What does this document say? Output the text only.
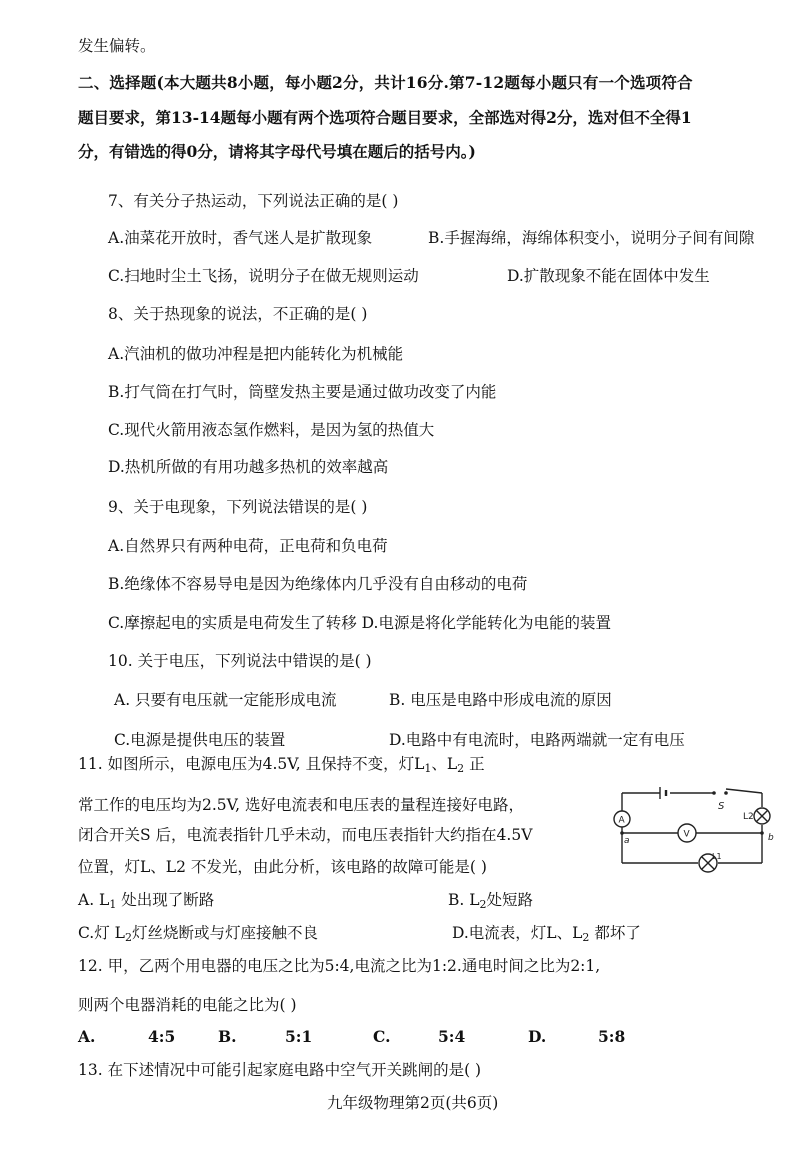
发生偏转。
二、选择题(本大题共8小题，每小题2分，共计16分.第7-12题每小题只有一个选项符合
题目要求，第13-14题每小题有两个选项符合题目要求，全部选对得2分，选对但不全得1
分，有错选的得0分，请将其字母代号填在题后的括号内。)
7、有关分子热运动，下列说法正确的是( )
A.油菜花开放时，香气迷人是扩散现象	B.手握海绵，海绵体积变小，说明分子间有间隙
C.扫地时尘土飞扬，说明分子在做无规则运动	D.扩散现象不能在固体中发生
8、关于热现象的说法，不正确的是( )
A.汽油机的做功冲程是把内能转化为机械能
B.打气筒在打气时，筒壁发热主要是通过做功改变了内能
C.现代火箭用液态氢作燃料，是因为氢的热值大
D.热机所做的有用功越多热机的效率越高
9、关于电现象，下列说法错误的是( )
A.自然界只有两种电荷，正电荷和负电荷
B.绝缘体不容易导电是因为绝缘体内几乎没有自由移动的电荷
C.摩擦起电的实质是电荷发生了转移 D.电源是将化学能转化为电能的装置
10. 关于电压，下列说法中错误的是( )
A. 只要有电压就一定能形成电流	B. 电压是电路中形成电流的原因
C.电源是提供电压的装置	D.电路中有电流时，电路两端就一定有电压
11. 如图所示，电源电压为4.5V, 且保持不变，灯$L_1$、$L_2$ 正
常工作的电压均为2.5V, 选好电流表和电压表的量程连接好电路，
闭合开关S 后，电流表指针几乎未动，而电压表指针大约指在4.5V
位置，灯L、L2 不发光，由此分析，该电路的故障可能是( )
A. $L_1$ 处出现了断路	B. $L_2$处短路
C.灯 $L_2$灯丝烧断或与灯座接触不良	D.电流表，灯L、$L_2$ 都坏了
S
A
V
L2
L1
a	b
12. 甲，乙两个用电器的电压之比为5:4,电流之比为1:2.通电时间之比为2:1,
则两个电器消耗的电能之比为( )
A.	4:5	B.	5:1	C.	5:4	D.	5:8
13. 在下述情况中可能引起家庭电路中空气开关跳闸的是( )
九年级物理第2页(共6页)
